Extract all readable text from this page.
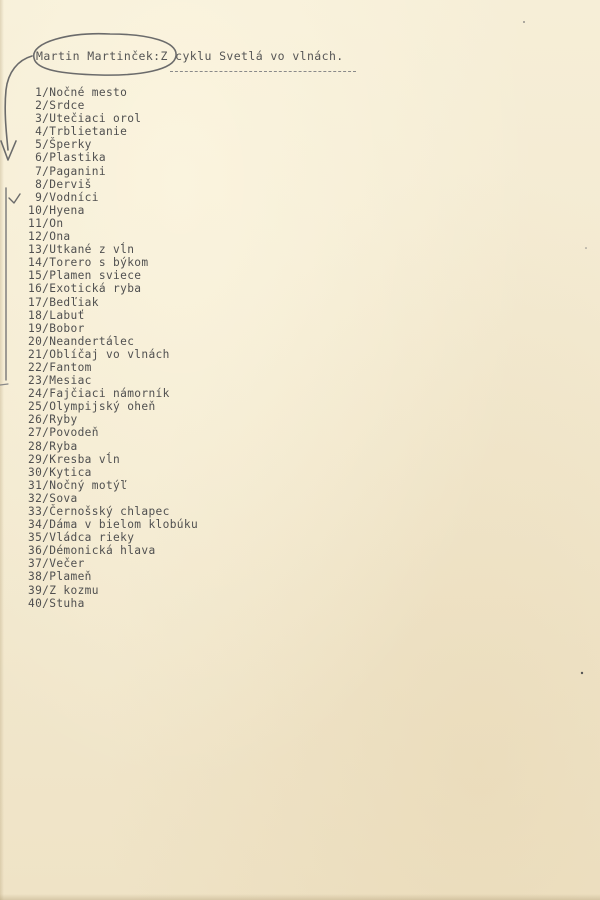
Martin Martinček:Z cyklu Svetlá vo vlnách.
1/Nočné mesto
2/Srdce
3/Utečiaci orol
4/Trblietanie
5/Šperky
6/Plastika
7/Paganini
8/Derviš
9/Vodníci
10/Hyena
11/On
12/Ona
13/Utkané z vĺn
14/Torero s býkom
15/Plamen sviece
16/Exotická ryba
17/Bedľiak
18/Labuť
19/Bobor
20/Neandertálec
21/Oblíčaj vo vlnách
22/Fantom
23/Mesiac
24/Fajčiaci námorník
25/Olympijský oheň
26/Ryby
27/Povodeň
28/Ryba
29/Kresba vĺn
30/Kytica
31/Nočný motýľ
32/Sova
33/Černošský chlapec
34/Dáma v bielom klobúku
35/Vládca rieky
36/Démonická hlava
37/Večer
38/Plameň
39/Z kozmu
40/Stuha
